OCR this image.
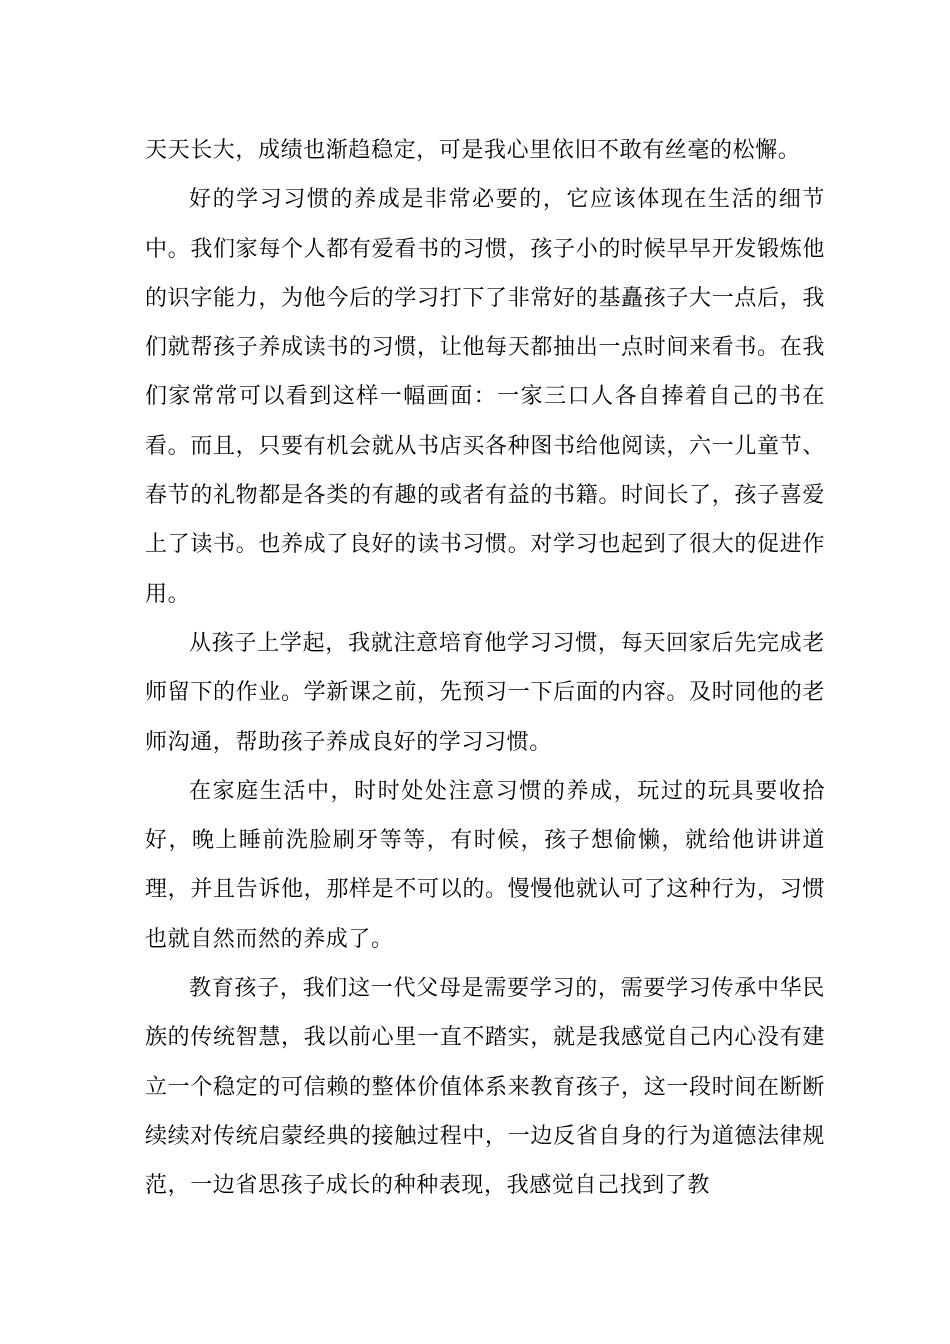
天天长大，成绩也渐趋稳定，可是我心里依旧不敢有丝毫的松懈。

好的学习习惯的养成是非常必要的，它应该体现在生活的细节中。我们家每个人都有爱看书的习惯，孩子小的时候早早开发锻炼他的识字能力，为他今后的学习打下了非常好的基矗孩子大一点后，我们就帮孩子养成读书的习惯，让他每天都抽出一点时间来看书。在我们家常常可以看到这样一幅画面：一家三口人各自捧着自己的书在看。而且，只要有机会就从书店买各种图书给他阅读，六一儿童节、春节的礼物都是各类的有趣的或者有益的书籍。时间长了，孩子喜爱上了读书。也养成了良好的读书习惯。对学习也起到了很大的促进作用。

从孩子上学起，我就注意培育他学习习惯，每天回家后先完成老师留下的作业。学新课之前，先预习一下后面的内容。及时同他的老师沟通，帮助孩子养成良好的学习习惯。

在家庭生活中，时时处处注意习惯的养成，玩过的玩具要收拾好，晚上睡前洗脸刷牙等等，有时候，孩子想偷懒，就给他讲讲道理，并且告诉他，那样是不可以的。慢慢他就认可了这种行为，习惯也就自然而然的养成了。

教育孩子，我们这一代父母是需要学习的，需要学习传承中华民族的传统智慧，我以前心里一直不踏实，就是我感觉自己内心没有建立一个稳定的可信赖的整体价值体系来教育孩子，这一段时间在断断续续对传统启蒙经典的接触过程中，一边反省自身的行为道德法律规范，一边省思孩子成长的种种表现，我感觉自己找到了教
